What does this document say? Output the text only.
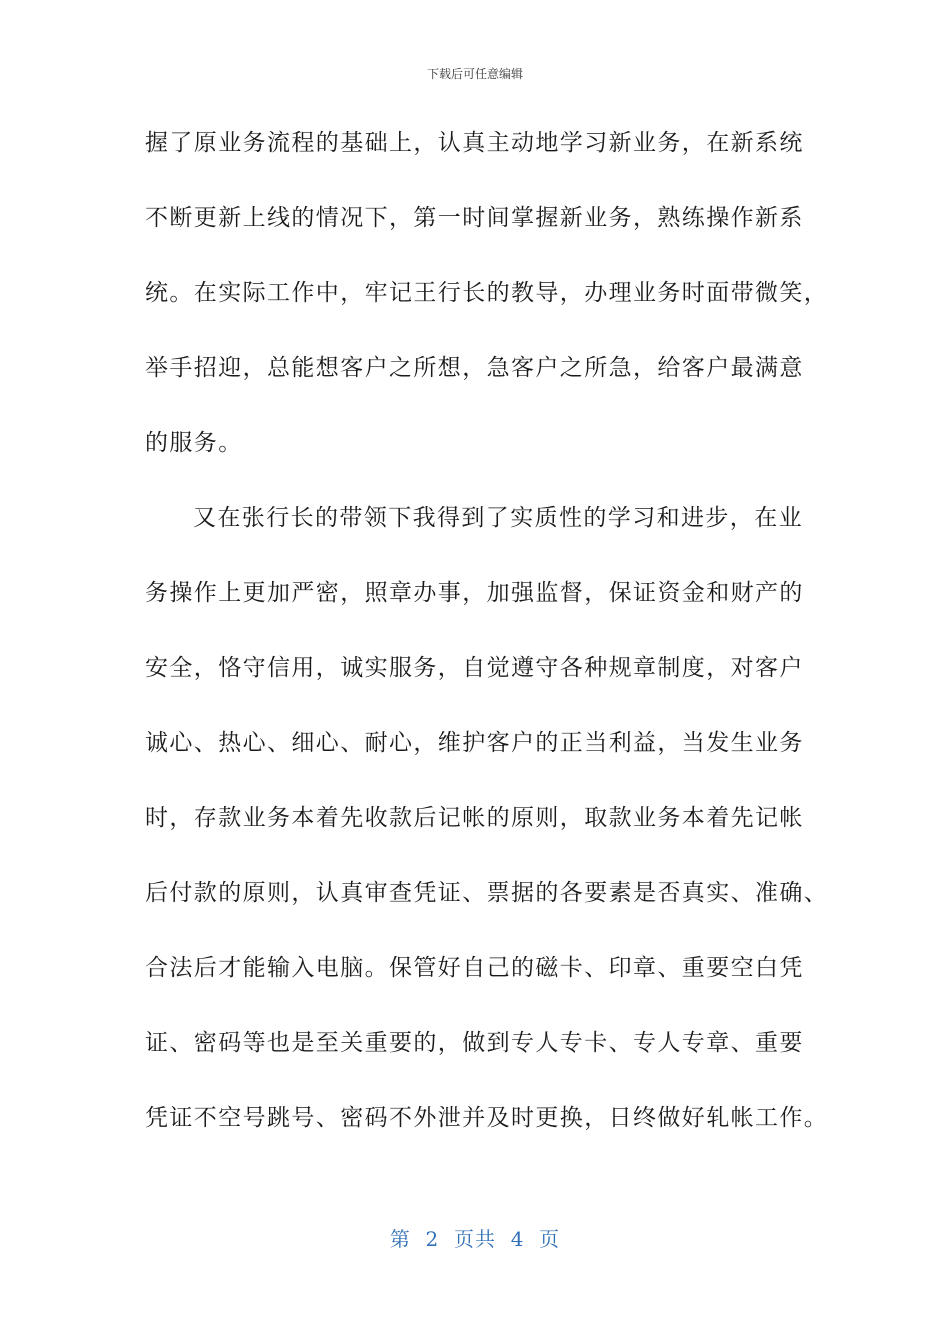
下载后可任意编辑
握了原业务流程的基础上，认真主动地学习新业务，在新系统
不断更新上线的情况下，第一时间掌握新业务，熟练操作新系
统。在实际工作中，牢记王行长的教导，办理业务时面带微笑，
举手招迎，总能想客户之所想，急客户之所急，给客户最满意
的服务。
又在张行长的带领下我得到了实质性的学习和进步，在业
务操作上更加严密，照章办事，加强监督，保证资金和财产的
安全，恪守信用，诚实服务，自觉遵守各种规章制度，对客户
诚心、热心、细心、耐心，维护客户的正当利益，当发生业务
时，存款业务本着先收款后记帐的原则，取款业务本着先记帐
后付款的原则，认真审查凭证、票据的各要素是否真实、准确、
合法后才能输入电脑。保管好自己的磁卡、印章、重要空白凭
证、密码等也是至关重要的，做到专人专卡、专人专章、重要
凭证不空号跳号、密码不外泄并及时更换，日终做好轧帐工作。
第  2  页共  4  页
